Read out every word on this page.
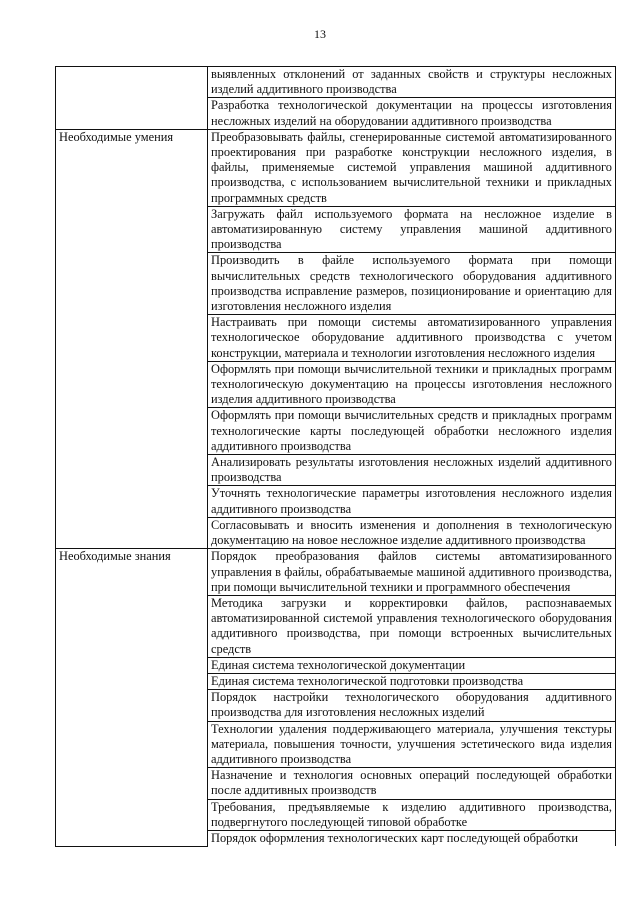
13
	выявленных отклонений от заданных свойств и структуры несложных изделий аддитивного производства
	Разработка технологической документации на процессы изготовления несложных изделий на оборудовании аддитивного производства
Необходимые умения	Преобразовывать файлы, сгенерированные системой автоматизированного проектирования при разработке конструкции несложного изделия, в файлы, применяемые системой управления машиной аддитивного производства, с использованием вычислительной техники и прикладных программных средств
	Загружать файл используемого формата на несложное изделие в автоматизированную систему управления машиной аддитивного производства
	Производить в файле используемого формата при помощи вычислительных средств технологического оборудования аддитивного производства исправление размеров, позиционирование и ориентацию для изготовления несложного изделия
	Настраивать при помощи системы автоматизированного управления технологическое оборудование аддитивного производства с учетом конструкции, материала и технологии изготовления несложного изделия
	Оформлять при помощи вычислительной техники и прикладных программ технологическую документацию на процессы изготовления несложного изделия аддитивного производства
	Оформлять при помощи вычислительных средств и прикладных программ технологические карты последующей обработки несложного изделия аддитивного производства
	Анализировать результаты изготовления несложных изделий аддитивного производства
	Уточнять технологические параметры изготовления несложного изделия аддитивного производства
	Согласовывать и вносить изменения и дополнения в технологическую документацию на новое несложное изделие аддитивного производства
Необходимые знания	Порядок преобразования файлов системы автоматизированного управления в файлы, обрабатываемые машиной аддитивного производства, при помощи вычислительной техники и программного обеспечения
	Методика загрузки и корректировки файлов, распознаваемых автоматизированной системой управления технологического оборудования аддитивного производства, при помощи встроенных вычислительных средств
	Единая система технологической документации
	Единая система технологической подготовки производства
	Порядок настройки технологического оборудования аддитивного производства для изготовления несложных изделий
	Технологии удаления поддерживающего материала, улучшения текстуры материала, повышения точности, улучшения эстетического вида изделия аддитивного производства
	Назначение и технология основных операций последующей обработки после аддитивных производств
	Требования, предъявляемые к изделию аддитивного производства, подвергнутого последующей типовой обработке
	Порядок оформления технологических карт последующей обработки
